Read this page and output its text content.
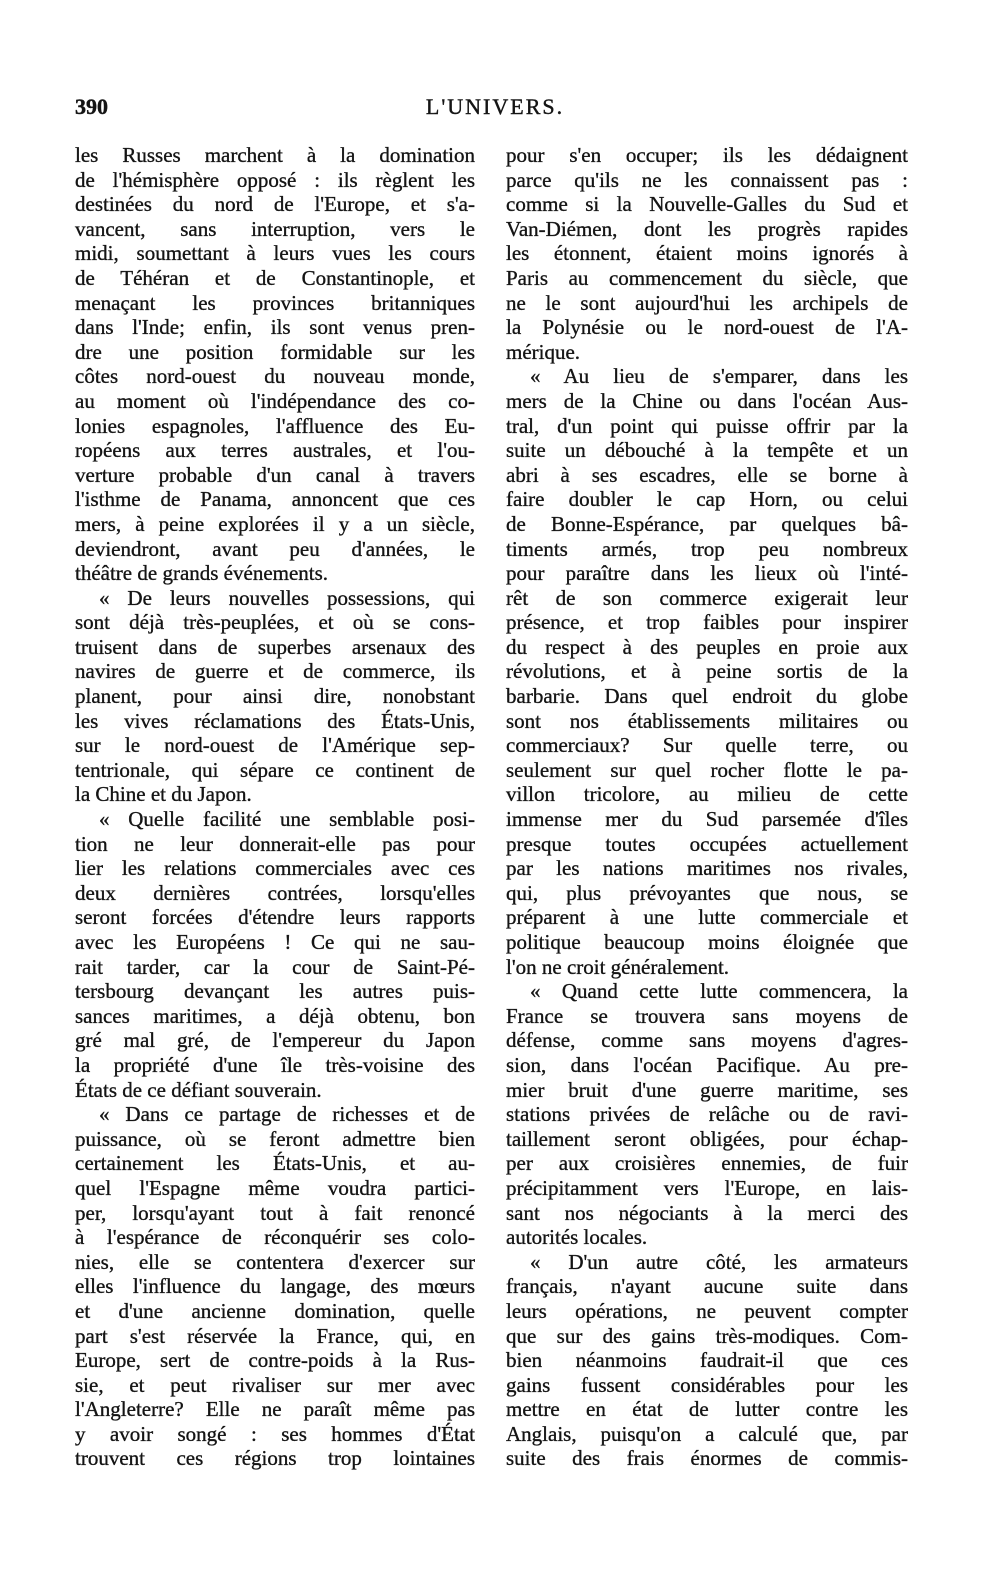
390	L'UNIVERS.
les Russes marchent à la domination
de l'hémisphère opposé : ils règlent les
destinées du nord de l'Europe, et s'a-
vancent, sans interruption, vers le
midi, soumettant à leurs vues les cours
de Téhéran et de Constantinople, et
menaçant les provinces britanniques
dans l'Inde; enfin, ils sont venus pren-
dre une position formidable sur les
côtes nord-ouest du nouveau monde,
au moment où l'indépendance des co-
lonies espagnoles, l'affluence des Eu-
ropéens aux terres australes, et l'ou-
verture probable d'un canal à travers
l'isthme de Panama, annoncent que ces
mers, à peine explorées il y a un siècle,
deviendront, avant peu d'années, le
théâtre de grands événements.
« De leurs nouvelles possessions, qui
sont déjà très-peuplées, et où se cons-
truisent dans de superbes arsenaux des
navires de guerre et de commerce, ils
planent, pour ainsi dire, nonobstant
les vives réclamations des États-Unis,
sur le nord-ouest de l'Amérique sep-
tentrionale, qui sépare ce continent de
la Chine et du Japon.
« Quelle facilité une semblable posi-
tion ne leur donnerait-elle pas pour
lier les relations commerciales avec ces
deux dernières contrées, lorsqu'elles
seront forcées d'étendre leurs rapports
avec les Européens ! Ce qui ne sau-
rait tarder, car la cour de Saint-Pé-
tersbourg devançant les autres puis-
sances maritimes, a déjà obtenu, bon
gré mal gré, de l'empereur du Japon
la propriété d'une île très-voisine des
États de ce défiant souverain.
« Dans ce partage de richesses et de
puissance, où se feront admettre bien
certainement les États-Unis, et au-
quel l'Espagne même voudra partici-
per, lorsqu'ayant tout à fait renoncé
à l'espérance de réconquérir ses colo-
nies, elle se contentera d'exercer sur
elles l'influence du langage, des mœurs
et d'une ancienne domination, quelle
part s'est réservée la France, qui, en
Europe, sert de contre-poids à la Rus-
sie, et peut rivaliser sur mer avec
l'Angleterre? Elle ne paraît même pas
y avoir songé : ses hommes d'État
trouvent ces régions trop lointaines
pour s'en occuper; ils les dédaignent
parce qu'ils ne les connaissent pas :
comme si la Nouvelle-Galles du Sud et
Van-Diémen, dont les progrès rapides
les étonnent, étaient moins ignorés à
Paris au commencement du siècle, que
ne le sont aujourd'hui les archipels de
la Polynésie ou le nord-ouest de l'A-
mérique.
« Au lieu de s'emparer, dans les
mers de la Chine ou dans l'océan Aus-
tral, d'un point qui puisse offrir par la
suite un débouché à la tempête et un
abri à ses escadres, elle se borne à
faire doubler le cap Horn, ou celui
de Bonne-Espérance, par quelques bâ-
timents armés, trop peu nombreux
pour paraître dans les lieux où l'inté-
rêt de son commerce exigerait leur
présence, et trop faibles pour inspirer
du respect à des peuples en proie aux
révolutions, et à peine sortis de la
barbarie. Dans quel endroit du globe
sont nos établissements militaires ou
commerciaux? Sur quelle terre, ou
seulement sur quel rocher flotte le pa-
villon tricolore, au milieu de cette
immense mer du Sud parsemée d'îles
presque toutes occupées actuellement
par les nations maritimes nos rivales,
qui, plus prévoyantes que nous, se
préparent à une lutte commerciale et
politique beaucoup moins éloignée que
l'on ne croit généralement.
« Quand cette lutte commencera, la
France se trouvera sans moyens de
défense, comme sans moyens d'agres-
sion, dans l'océan Pacifique. Au pre-
mier bruit d'une guerre maritime, ses
stations privées de relâche ou de ravi-
taillement seront obligées, pour échap-
per aux croisières ennemies, de fuir
précipitamment vers l'Europe, en lais-
sant nos négociants à la merci des
autorités locales.
« D'un autre côté, les armateurs
français, n'ayant aucune suite dans
leurs opérations, ne peuvent compter
que sur des gains très-modiques. Com-
bien néanmoins faudrait-il que ces
gains fussent considérables pour les
mettre en état de lutter contre les
Anglais, puisqu'on a calculé que, par
suite des frais énormes de commis-
